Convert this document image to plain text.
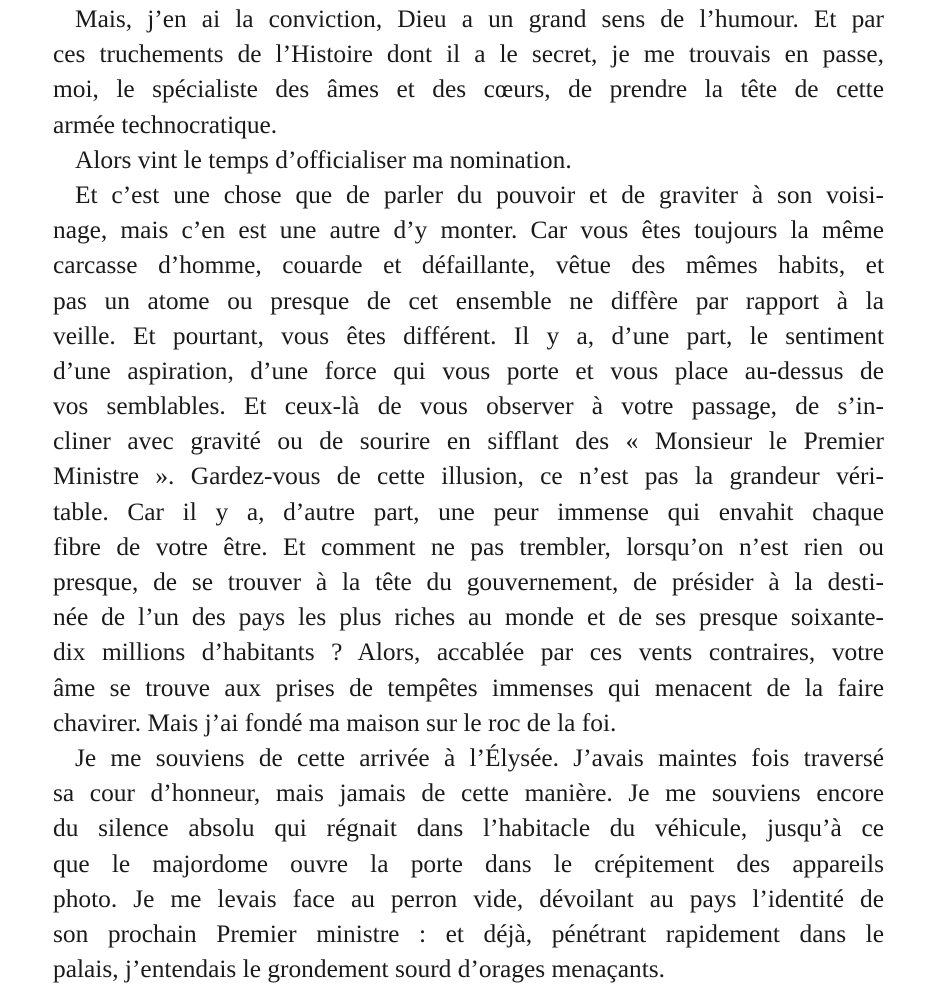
Mais, j’en ai la conviction, Dieu a un grand sens de l’humour. Et par
ces truchements de l’Histoire dont il a le secret, je me trouvais en passe,
moi, le spécialiste des âmes et des cœurs, de prendre la tête de cette
armée technocratique.
Alors vint le temps d’officialiser ma nomination.
Et c’est une chose que de parler du pouvoir et de graviter à son voisi-
nage, mais c’en est une autre d’y monter. Car vous êtes toujours la même
carcasse d’homme, couarde et défaillante, vêtue des mêmes habits, et
pas un atome ou presque de cet ensemble ne diffère par rapport à la
veille. Et pourtant, vous êtes différent. Il y a, d’une part, le sentiment
d’une aspiration, d’une force qui vous porte et vous place au-dessus de
vos semblables. Et ceux-là de vous observer à votre passage, de s’in-
cliner avec gravité ou de sourire en sifflant des « Monsieur le Premier
Ministre ». Gardez-vous de cette illusion, ce n’est pas la grandeur véri-
table. Car il y a, d’autre part, une peur immense qui envahit chaque
fibre de votre être. Et comment ne pas trembler, lorsqu’on n’est rien ou
presque, de se trouver à la tête du gouvernement, de présider à la desti-
née de l’un des pays les plus riches au monde et de ses presque soixante-
dix millions d’habitants ? Alors, accablée par ces vents contraires, votre
âme se trouve aux prises de tempêtes immenses qui menacent de la faire
chavirer. Mais j’ai fondé ma maison sur le roc de la foi.
Je me souviens de cette arrivée à l’Élysée. J’avais maintes fois traversé
sa cour d’honneur, mais jamais de cette manière. Je me souviens encore
du silence absolu qui régnait dans l’habitacle du véhicule, jusqu’à ce
que le majordome ouvre la porte dans le crépitement des appareils
photo. Je me levais face au perron vide, dévoilant au pays l’identité de
son prochain Premier ministre : et déjà, pénétrant rapidement dans le
palais, j’entendais le grondement sourd d’orages menaçants.
